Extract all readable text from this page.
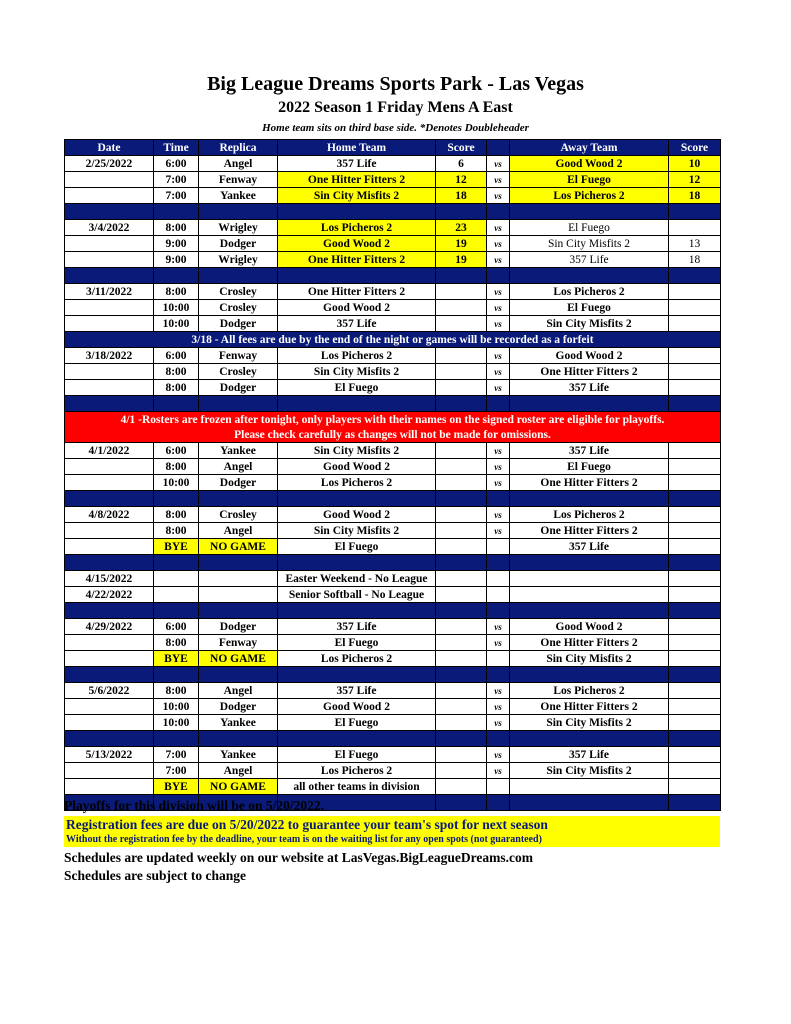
Big League Dreams Sports Park - Las Vegas
2022 Season 1 Friday Mens A East
Home team sits on third base side. *Denotes Doubleheader
Date	Time	Replica	Home Team	Score		Away Team	Score
2/25/2022	6:00	Angel	357 Life	6	vs	Good Wood 2	10
	7:00	Fenway	One Hitter Fitters 2	12	vs	El Fuego	12
	7:00	Yankee	Sin City Misfits 2	18	vs	Los Picheros 2	18

3/4/2022	8:00	Wrigley	Los Picheros 2	23	vs	El Fuego	
	9:00	Dodger	Good Wood 2	19	vs	Sin City Misfits 2	13
	9:00	Wrigley	One Hitter Fitters 2	19	vs	357 Life	18

3/11/2022	8:00	Crosley	One Hitter Fitters 2		vs	Los Picheros 2	
	10:00	Crosley	Good Wood 2		vs	El Fuego	
	10:00	Dodger	357 Life		vs	Sin City Misfits 2	
3/18 - All fees are due by the end of the night or games will be recorded as a forfeit							
3/18/2022	6:00	Fenway	Los Picheros 2		vs	Good Wood 2	
	8:00	Crosley	Sin City Misfits 2		vs	One Hitter Fitters 2	
	8:00	Dodger	El Fuego		vs	357 Life	

4/1 -Rosters are frozen after tonight, only players with their names on the signed roster are eligible for playoffs.							
Please check carefully as changes will not be made for omissions.							
4/1/2022	6:00	Yankee	Sin City Misfits 2		vs	357 Life	
	8:00	Angel	Good Wood 2		vs	El Fuego	
	10:00	Dodger	Los Picheros 2		vs	One Hitter Fitters 2	

4/8/2022	8:00	Crosley	Good Wood 2		vs	Los Picheros 2	
	8:00	Angel	Sin City Misfits 2		vs	One Hitter Fitters 2	
	BYE	NO GAME	El Fuego			357 Life	

4/15/2022			Easter Weekend - No League				
4/22/2022			Senior Softball - No League				

4/29/2022	6:00	Dodger	357 Life		vs	Good Wood 2	
	8:00	Fenway	El Fuego		vs	One Hitter Fitters 2	
	BYE	NO GAME	Los Picheros 2			Sin City Misfits 2	

5/6/2022	8:00	Angel	357 Life		vs	Los Picheros 2	
	10:00	Dodger	Good Wood 2		vs	One Hitter Fitters 2	
	10:00	Yankee	El Fuego		vs	Sin City Misfits 2	

5/13/2022	7:00	Yankee	El Fuego		vs	357 Life	
	7:00	Angel	Los Picheros 2		vs	Sin City Misfits 2	
	BYE	NO GAME	all other teams in division				

Playoffs for this division will be on 5/20/2022.
Registration fees are due on 5/20/2022 to guarantee your team's spot for next season
Without the registration fee by the deadline, your team is on the waiting list for any open spots (not guaranteed)
Schedules are updated weekly on our website at LasVegas.BigLeagueDreams.com
Schedules are subject to change
